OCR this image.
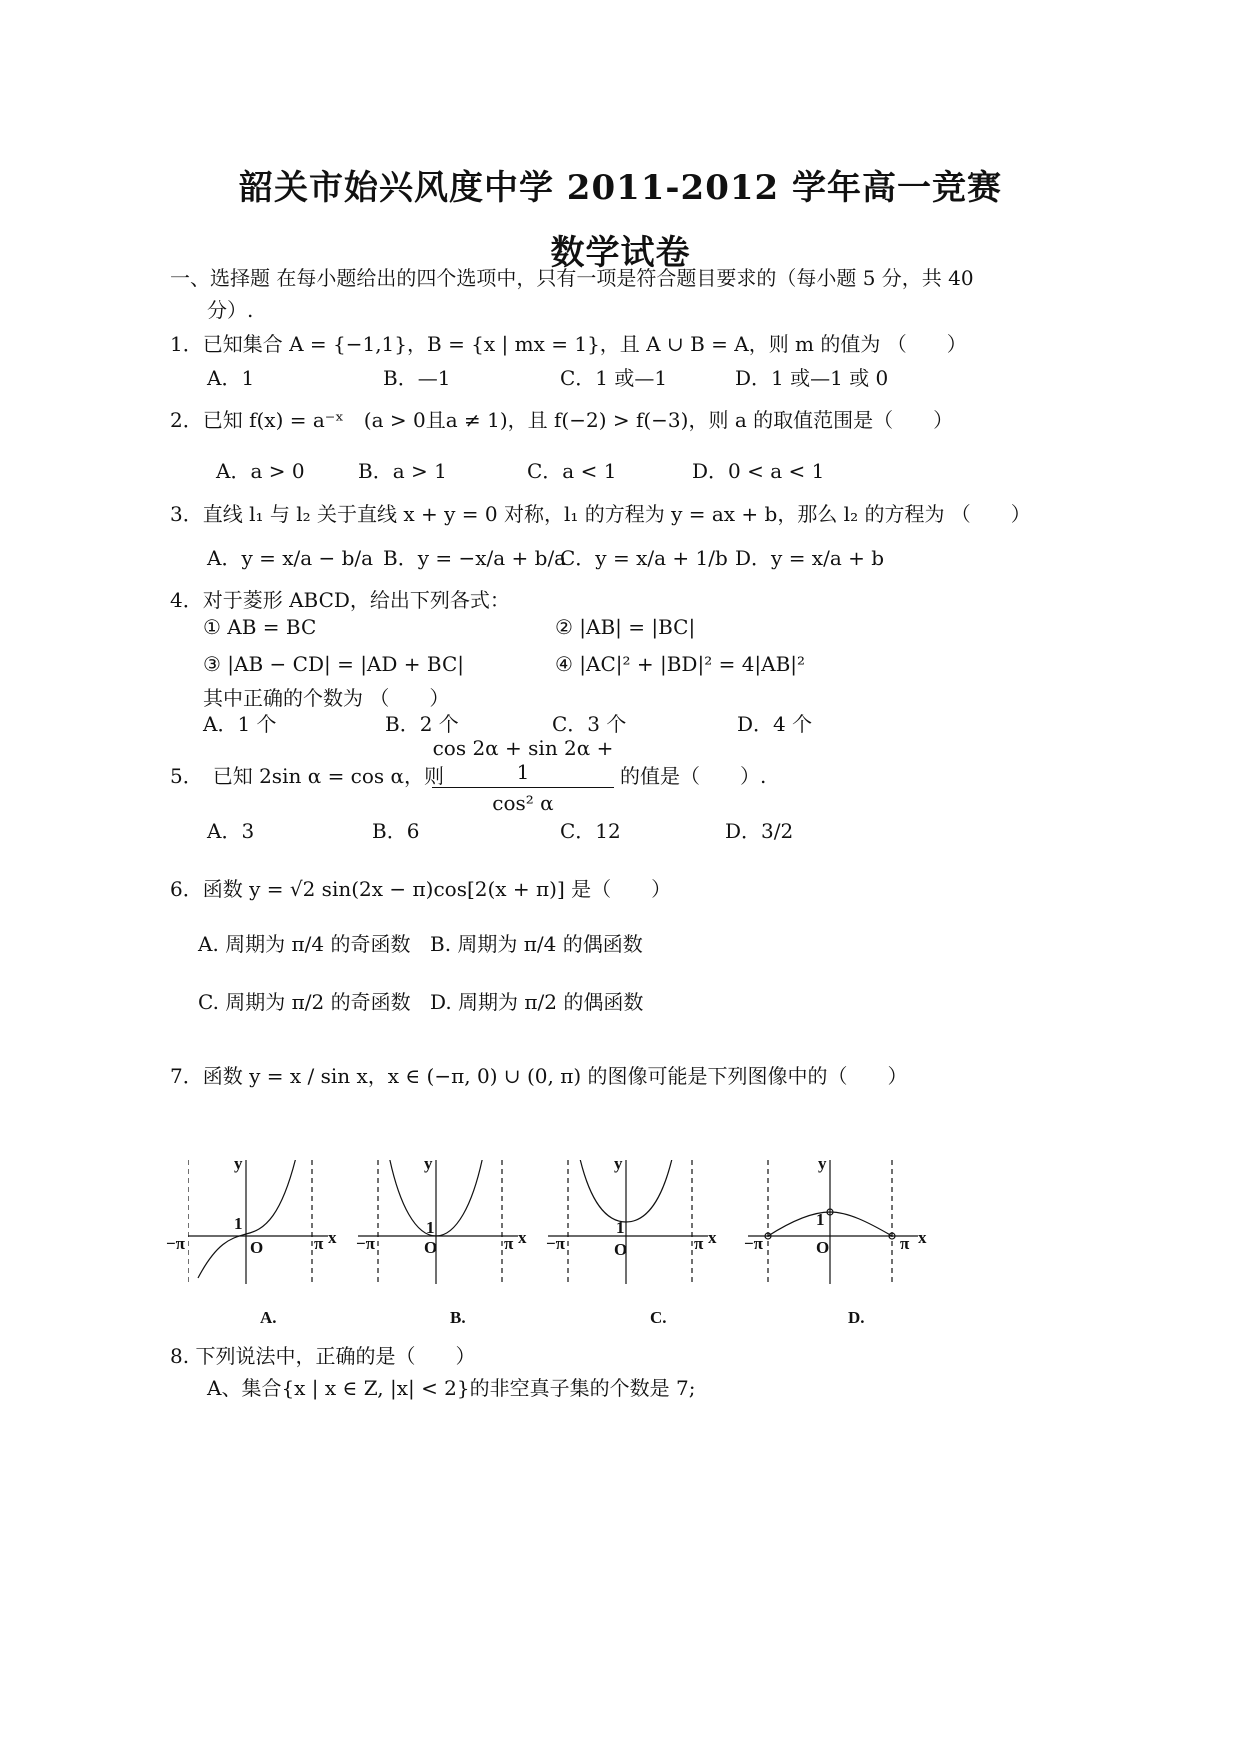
韶关市始兴风度中学 2011-2012 学年高一竞赛
数学试卷
一、选择题 在每小题给出的四个选项中，只有一项是符合题目要求的（每小题 5 分，共 40
分）.
1．已知集合 A = {−1,1}，B = {x | mx = 1}，且 A ∪ B = A，则 m 的值为 （　　）
A．1	B．—1	C．1 或—1	D．1 或—1 或 0
2．已知 f(x) = a⁻ˣ　(a > 0且a ≠ 1)，且 f(−2) > f(−3)，则 a 的取值范围是（　　）
A．a > 0	B．a > 1	C．a < 1	D．0 < a < 1
3．直线 l₁ 与 l₂ 关于直线 x + y = 0 对称，l₁ 的方程为 y = ax + b，那么 l₂ 的方程为 （　　）
A．y = x/a − b/a B．y = −x/a + b/a
C．y = x/a + 1/b D．y = x/a + b
4．对于菱形 ABCD，给出下列各式：
① AB = BC	② |AB| = |BC|
③ |AB − CD| = |AD + BC|	④ |AC|² + |BD|² = 4|AB|²
其中正确的个数为 （　　）
A．1 个	B．2 个	C．3 个	D．4 个
5．　已知 2sin α = cos α，则
cos 2α + sin 2α + 1
cos² α
的值是（　　）.
A．3	B．6	C．12	D．3/2
6．函数 y = √2 sin(2x − π)cos[2(x + π)] 是（　　）
A. 周期为 π/4 的奇函数 B. 周期为 π/4 的偶函数
C. 周期为 π/2 的奇函数 D. 周期为 π/2 的偶函数
7．函数 y = x / sin x，x ∈ (−π, 0) ∪ (0, π) 的图像可能是下列图像中的（　　）
y
x
O
1
−π	π
y
x
O
1
−π	π
y
x
O
1
−π	π
y
x
O
1
−π	π
A.	B.	C.	D.
8. 下列说法中，正确的是（　　）
A、集合{x | x ∈ Z, |x| < 2}的非空真子集的个数是 7;
